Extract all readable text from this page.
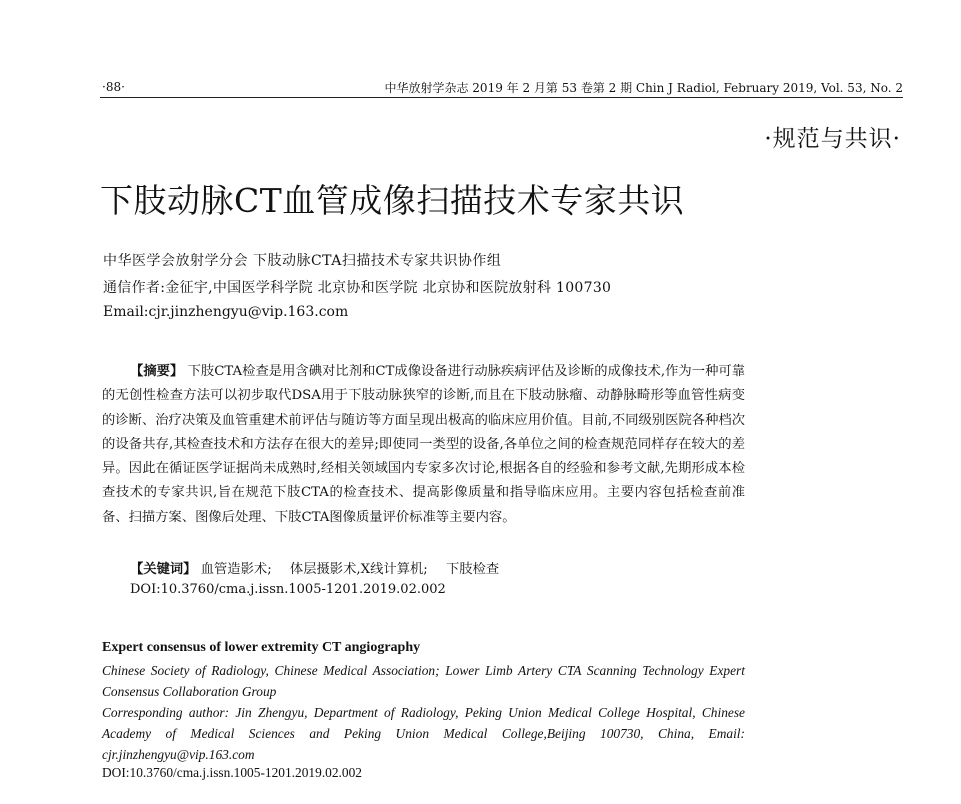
·88·	中华放射学杂志 2019 年 2 月第 53 卷第 2 期 Chin J Radiol, February 2019, Vol. 53, No. 2
·规范与共识·
下肢动脉CT血管成像扫描技术专家共识
中华医学会放射学分会 下肢动脉CTA扫描技术专家共识协作组
通信作者:金征宇,中国医学科学院 北京协和医学院 北京协和医院放射科 100730
Email:cjr.jinzhengyu@vip.163.com
【摘要】 下肢CTA检查是用含碘对比剂和CT成像设备进行动脉疾病评估及诊断的成像技术,作为一种可靠的无创性检查方法可以初步取代DSA用于下肢动脉狭窄的诊断,而且在下肢动脉瘤、动静脉畸形等血管性病变的诊断、治疗决策及血管重建术前评估与随访等方面呈现出极高的临床应用价值。目前,不同级别医院各种档次的设备共存,其检查技术和方法存在很大的差异;即使同一类型的设备,各单位之间的检查规范同样存在较大的差异。因此在循证医学证据尚未成熟时,经相关领域国内专家多次讨论,根据各自的经验和参考文献,先期形成本检查技术的专家共识,旨在规范下肢CTA的检查技术、提高影像质量和指导临床应用。主要内容包括检查前准备、扫描方案、图像后处理、下肢CTA图像质量评价标准等主要内容。
【关键词】 血管造影术; 体层摄影术,X线计算机; 下肢检查
DOI:10.3760/cma.j.issn.1005-1201.2019.02.002
Expert consensus of lower extremity CT angiography

Chinese Society of Radiology, Chinese Medical Association; Lower Limb Artery CTA Scanning Technology Expert Consensus Collaboration Group

Corresponding author: Jin Zhengyu, Department of Radiology, Peking Union Medical College Hospital, Chinese Academy of Medical Sciences and Peking Union Medical College,Beijing 100730, China, Email: cjr.jinzhengyu@vip.163.com

DOI:10.3760/cma.j.issn.1005-1201.2019.02.002
